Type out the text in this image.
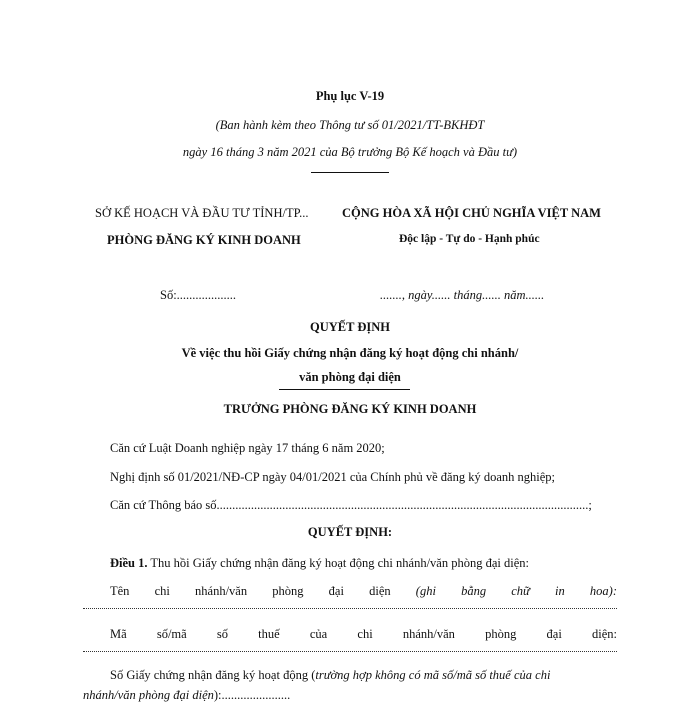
Phụ lục V-19
(Ban hành kèm theo Thông tư số 01/2021/TT-BKHĐT
ngày 16 tháng 3 năm 2021 của Bộ trưởng Bộ Kế hoạch và Đầu tư)
SỞ KẾ HOẠCH VÀ ĐẦU TƯ TỈNH/TP...
PHÒNG ĐĂNG KÝ KINH DOANH
CỘNG HÒA XÃ HỘI CHỦ NGHĨA VIỆT NAM
Độc lập - Tự do - Hạnh phúc
Số:...................	......., ngày...... tháng...... năm......
QUYẾT ĐỊNH
Về việc thu hồi Giấy chứng nhận đăng ký hoạt động chi nhánh/
văn phòng đại diện
TRƯỞNG PHÒNG ĐĂNG KÝ KINH DOANH
Căn cứ Luật Doanh nghiệp ngày 17 tháng 6 năm 2020;
Nghị định số 01/2021/NĐ-CP ngày 04/01/2021 của Chính phủ về đăng ký doanh nghiệp;
Căn cứ Thông báo số.......................................................................................................................;
QUYẾT ĐỊNH:
Điều 1. Thu hồi Giấy chứng nhận đăng ký hoạt động chi nhánh/văn phòng đại diện:
Tên chi nhánh/văn phòng đại diện (ghi bằng chữ in hoa):
Mã số/mã số thuế của chi nhánh/văn phòng đại diện:
Số Giấy chứng nhận đăng ký hoạt động (trường hợp không có mã số/mã số thuế của chi
nhánh/văn phòng đại diện):......................
